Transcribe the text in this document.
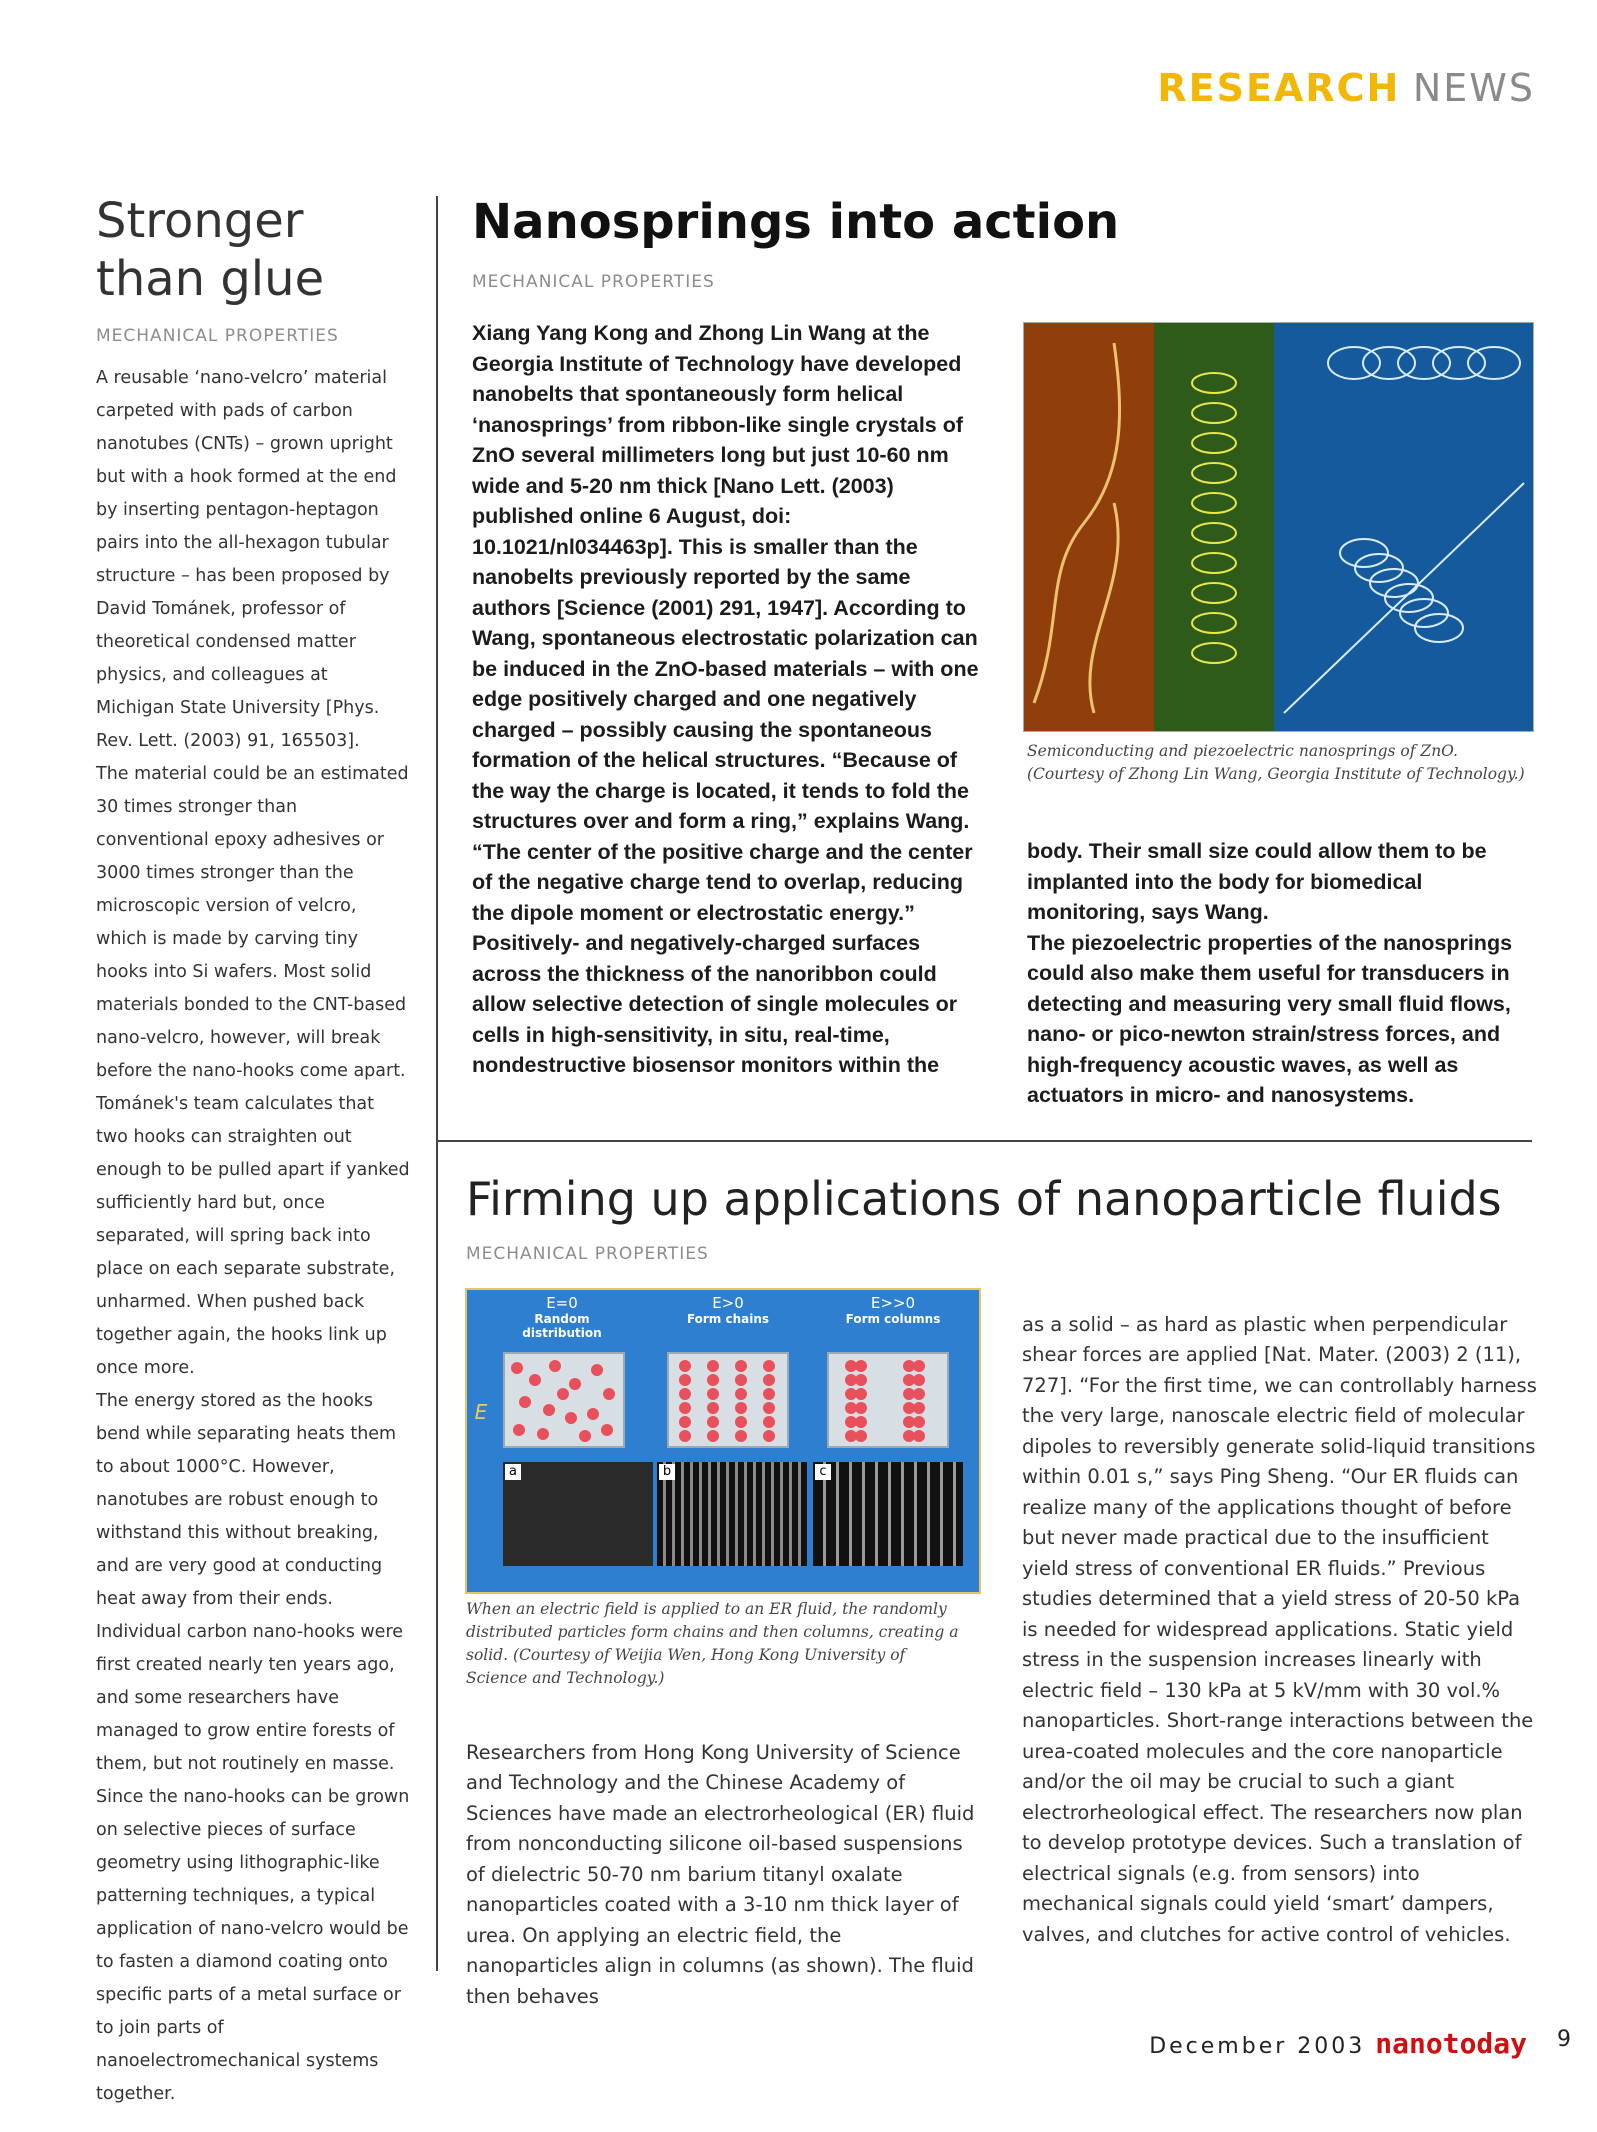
RESEARCH NEWS
Stronger than glue
MECHANICAL PROPERTIES

A reusable ‘nano-velcro’ material carpeted with pads of carbon nanotubes (CNTs) – grown upright but with a hook formed at the end by inserting pentagon-heptagon pairs into the all-hexagon tubular structure – has been proposed by David Tománek, professor of theoretical condensed matter physics, and colleagues at Michigan State University [Phys. Rev. Lett. (2003) 91, 165503].

The material could be an estimated 30 times stronger than conventional epoxy adhesives or 3000 times stronger than the microscopic version of velcro, which is made by carving tiny hooks into Si wafers. Most solid materials bonded to the CNT-based nano-velcro, however, will break before the nano-hooks come apart. Tománek's team calculates that two hooks can straighten out enough to be pulled apart if yanked sufficiently hard but, once separated, will spring back into place on each separate substrate, unharmed. When pushed back together again, the hooks link up once more.

The energy stored as the hooks bend while separating heats them to about 1000°C. However, nanotubes are robust enough to withstand this without breaking, and are very good at conducting heat away from their ends. Individual carbon nano-hooks were first created nearly ten years ago, and some researchers have managed to grow entire forests of them, but not routinely en masse.

Since the nano-hooks can be grown on selective pieces of surface geometry using lithographic-like patterning techniques, a typical application of nano-velcro would be to fasten a diamond coating onto specific parts of a metal surface or to join parts of nanoelectromechanical systems together.

Nanosprings into action
MECHANICAL PROPERTIES

Xiang Yang Kong and Zhong Lin Wang at the Georgia Institute of Technology have developed nanobelts that spontaneously form helical ‘nanosprings’ from ribbon-like single crystals of ZnO several millimeters long but just 10-60 nm wide and 5-20 nm thick [Nano Lett. (2003) published online 6 August, doi: 10.1021/nl034463p]. This is smaller than the nanobelts previously reported by the same authors [Science (2001) 291, 1947]. According to Wang, spontaneous electrostatic polarization can be induced in the ZnO-based materials – with one edge positively charged and one negatively charged – possibly causing the spontaneous formation of the helical structures. “Because of the way the charge is located, it tends to fold the structures over and form a ring,” explains Wang. “The center of the positive charge and the center of the negative charge tend to overlap, reducing the dipole moment or electrostatic energy.” Positively- and negatively-charged surfaces across the thickness of the nanoribbon could allow selective detection of single molecules or cells in high-sensitivity, in situ, real-time, nondestructive biosensor monitors within the

Semiconducting and piezoelectric nanosprings of ZnO. (Courtesy of Zhong Lin Wang, Georgia Institute of Technology.)

body. Their small size could allow them to be implanted into the body for biomedical monitoring, says Wang.

The piezoelectric properties of the nanosprings could also make them useful for transducers in detecting and measuring very small fluid flows, nano- or pico-newton strain/stress forces, and high-frequency acoustic waves, as well as actuators in micro- and nanosystems.

Firming up applications of nanoparticle fluids
MECHANICAL PROPERTIES
E=0
Random distribution
E>0
Form chains
E>>0
Form columns
E
a	b	c
When an electric field is applied to an ER fluid, the randomly distributed particles form chains and then columns, creating a solid. (Courtesy of Weijia Wen, Hong Kong University of Science and Technology.)

Researchers from Hong Kong University of Science and Technology and the Chinese Academy of Sciences have made an electrorheological (ER) fluid from nonconducting silicone oil-based suspensions of dielectric 50-70 nm barium titanyl oxalate nanoparticles coated with a 3-10 nm thick layer of urea. On applying an electric field, the nanoparticles align in columns (as shown). The fluid then behaves

as a solid – as hard as plastic when perpendicular shear forces are applied [Nat. Mater. (2003) 2 (11), 727]. “For the first time, we can controllably harness the very large, nanoscale electric field of molecular dipoles to reversibly generate solid-liquid transitions within 0.01 s,” says Ping Sheng. “Our ER fluids can realize many of the applications thought of before but never made practical due to the insufficient yield stress of conventional ER fluids.” Previous studies determined that a yield stress of 20-50 kPa is needed for widespread applications. Static yield stress in the suspension increases linearly with electric field – 130 kPa at 5 kV/mm with 30 vol.% nanoparticles. Short-range interactions between the urea-coated molecules and the core nanoparticle and/or the oil may be crucial to such a giant electrorheological effect. The researchers now plan to develop prototype devices. Such a translation of electrical signals (e.g. from sensors) into mechanical signals could yield ‘smart’ dampers, valves, and clutches for active control of vehicles.

December 2003 nanotoday 9
